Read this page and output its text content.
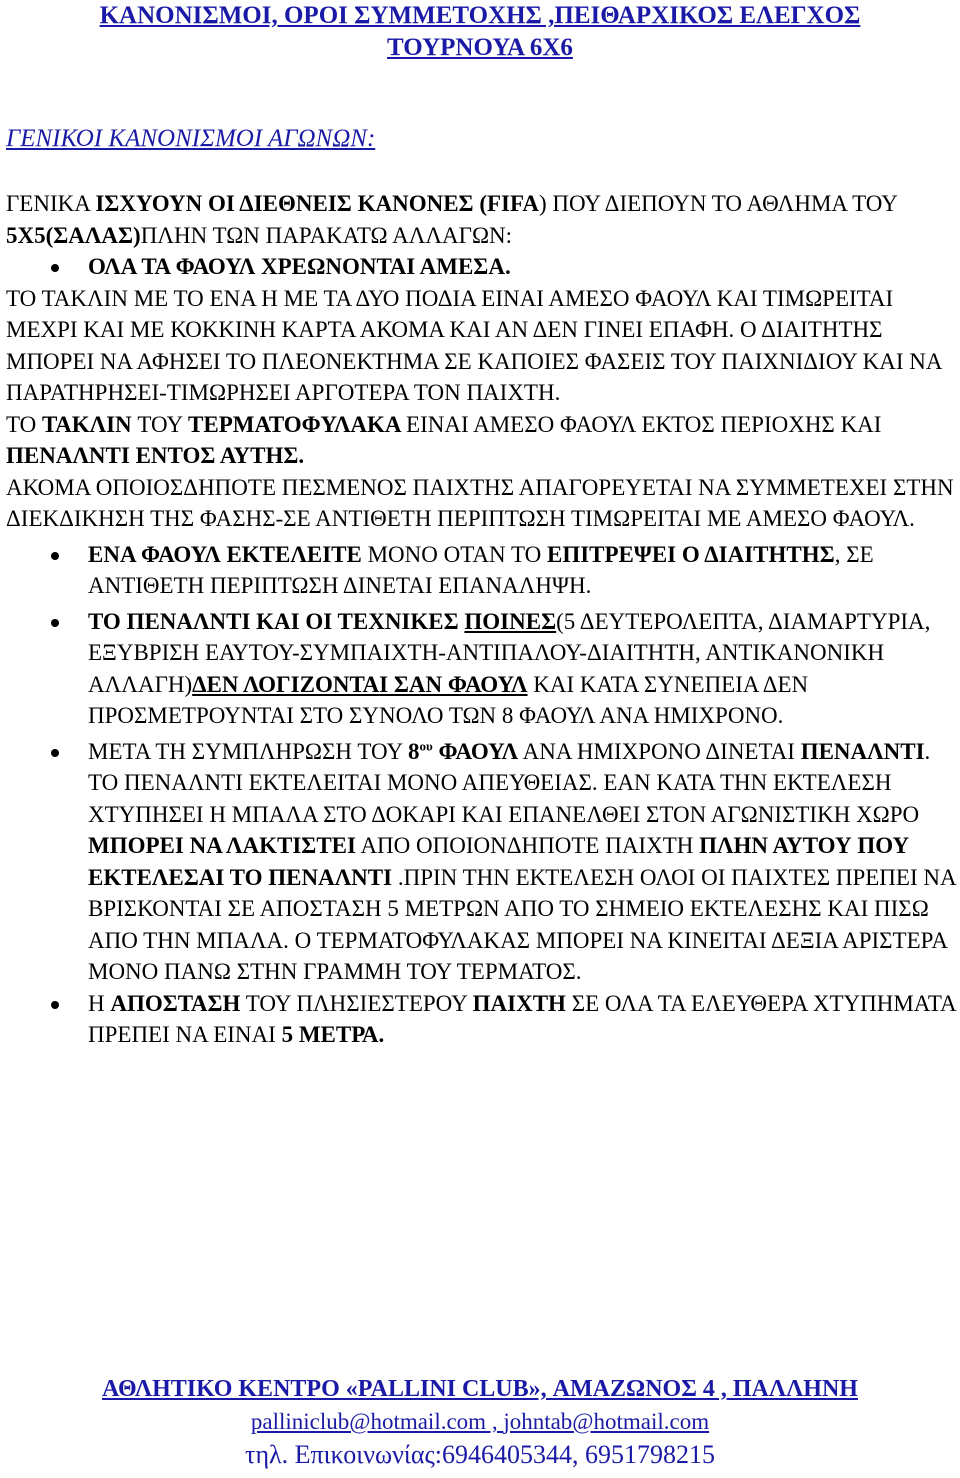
ΚΑΝΟΝΙΣΜΟΙ, ΟΡΟΙ ΣΥΜΜΕΤΟΧΗΣ ,ΠΕΙΘΑΡΧΙΚΟΣ ΕΛΕΓΧΟΣ

ΤΟΥΡΝΟΥΑ 6Χ6

ΓΕΝΙΚΟΙ ΚΑΝΟΝΙΣΜΟΙ ΑΓΩΝΩΝ:

ΓΕΝΙΚΑ ΙΣΧΥΟΥΝ ΟΙ ΔΙΕΘΝΕΙΣ ΚΑΝΟΝΕΣ (FIFA) ΠΟΥ ΔΙΕΠΟΥΝ ΤΟ ΑΘΛΗΜΑ ΤΟΥ 5Χ5(ΣΑΛΑΣ)ΠΛΗΝ ΤΩΝ ΠΑΡΑΚΑΤΩ ΑΛΛΑΓΩΝ:

ΟΛΑ ΤΑ ΦΑΟΥΛ ΧΡΕΩΝΟΝΤΑΙ ΑΜΕΣΑ.

ΤΟ ΤΑΚΛΙΝ ΜΕ ΤΟ ΕΝΑ Η ΜΕ ΤΑ ΔΥΟ ΠΟΔΙΑ ΕΙΝΑΙ ΑΜΕΣΟ ΦΑΟΥΛ ΚΑΙ ΤΙΜΩΡΕΙΤΑΙ ΜΕΧΡΙ ΚΑΙ ΜΕ ΚΟΚΚΙΝΗ ΚΑΡΤΑ ΑΚΟΜΑ ΚΑΙ ΑΝ ΔΕΝ ΓΙΝΕΙ ΕΠΑΦΗ. Ο ΔΙΑΙΤΗΤΗΣ ΜΠΟΡΕΙ ΝΑ ΑΦΗΣΕΙ ΤΟ ΠΛΕΟΝΕΚΤΗΜΑ ΣΕ ΚΑΠΟΙΕΣ ΦΑΣΕΙΣ ΤΟΥ ΠΑΙΧΝΙΔΙΟΥ ΚΑΙ ΝΑ ΠΑΡΑΤΗΡΗΣΕΙ-ΤΙΜΩΡΗΣΕΙ ΑΡΓΟΤΕΡΑ ΤΟΝ ΠΑΙΧΤΗ.

ΤΟ ΤΑΚΛΙΝ ΤΟΥ ΤΕΡΜΑΤΟΦΥΛΑΚΑ ΕΙΝΑΙ ΑΜΕΣΟ ΦΑΟΥΛ ΕΚΤΟΣ ΠΕΡΙΟΧΗΣ ΚΑΙ ΠΕΝΑΛΝΤΙ ΕΝΤΟΣ ΑΥΤΗΣ.

ΑΚΟΜΑ ΟΠΟΙΟΣΔΗΠΟΤΕ ΠΕΣΜΕΝΟΣ ΠΑΙΧΤΗΣ ΑΠΑΓΟΡΕΥΕΤΑΙ ΝΑ ΣΥΜΜΕΤΕΧΕΙ ΣΤΗΝ ΔΙΕΚΔΙΚΗΣΗ ΤΗΣ ΦΑΣΗΣ-ΣΕ ΑΝΤΙΘΕΤΗ ΠΕΡΙΠΤΩΣΗ ΤΙΜΩΡΕΙΤΑΙ ΜΕ ΑΜΕΣΟ ΦΑΟΥΛ.

ΕΝΑ ΦΑΟΥΛ ΕΚΤΕΛΕΙΤΕ ΜΟΝΟ ΟΤΑΝ ΤΟ ΕΠΙΤΡΕΨΕΙ Ο ΔΙΑΙΤΗΤΗΣ, ΣΕ ΑΝΤΙΘΕΤΗ ΠΕΡΙΠΤΩΣΗ ΔΙΝΕΤΑΙ ΕΠΑΝΑΛΗΨΗ.

ΤΟ ΠΕΝΑΛΝΤΙ ΚΑΙ ΟΙ ΤΕΧΝΙΚΕΣ ΠΟΙΝΕΣ(5 ΔΕΥΤΕΡΟΛΕΠΤΑ, ΔΙΑΜΑΡΤΥΡΙΑ, ΕΞΥΒΡΙΣΗ ΕΑΥΤΟΥ-ΣΥΜΠΑΙΧΤΗ-ΑΝΤΙΠΑΛΟΥ-ΔΙΑΙΤΗΤΗ, ΑΝΤΙΚΑΝΟΝΙΚΗ ΑΛΛΑΓΗ)ΔΕΝ ΛΟΓΙΖΟΝΤΑΙ ΣΑΝ ΦΑΟΥΛ ΚΑΙ ΚΑΤΑ ΣΥΝΕΠΕΙΑ ΔΕΝ ΠΡΟΣΜΕΤΡΟΥΝΤΑΙ ΣΤΟ ΣΥΝΟΛΟ ΤΩΝ 8 ΦΑΟΥΛ ΑΝΑ ΗΜΙΧΡΟΝΟ.

ΜΕΤΑ ΤΗ ΣΥΜΠΛΗΡΩΣΗ ΤΟΥ $8^{o\upsilon}$ ΦΑΟΥΛ ΑΝΑ ΗΜΙΧΡΟΝΟ ΔΙΝΕΤΑΙ ΠΕΝΑΛΝΤΙ. ΤΟ ΠΕΝΑΛΝΤΙ ΕΚΤΕΛΕΙΤΑΙ ΜΟΝΟ ΑΠΕΥΘΕΙΑΣ. ΕΑΝ ΚΑΤΑ ΤΗΝ ΕΚΤΕΛΕΣΗ ΧΤΥΠΗΣΕΙ Η ΜΠΑΛΑ ΣΤΟ ΔΟΚΑΡΙ ΚΑΙ ΕΠΑΝΕΛΘΕΙ ΣΤΟΝ ΑΓΩΝΙΣΤΙΚΗ ΧΩΡΟ ΜΠΟΡΕΙ ΝΑ ΛΑΚΤΙΣΤΕΙ ΑΠΟ ΟΠΟΙΟΝΔΗΠΟΤΕ ΠΑΙΧΤΗ ΠΛΗΝ ΑΥΤΟΥ ΠΟΥ ΕΚΤΕΛΕΣΑΙ ΤΟ ΠΕΝΑΛΝΤΙ .ΠΡΙΝ ΤΗΝ ΕΚΤΕΛΕΣΗ ΟΛΟΙ ΟΙ ΠΑΙΧΤΕΣ ΠΡΕΠΕΙ ΝΑ ΒΡΙΣΚΟΝΤΑΙ ΣΕ ΑΠΟΣΤΑΣΗ 5 ΜΕΤΡΩΝ ΑΠΟ ΤΟ ΣΗΜΕΙΟ ΕΚΤΕΛΕΣΗΣ ΚΑΙ ΠΙΣΩ ΑΠΟ ΤΗΝ ΜΠΑΛΑ. Ο ΤΕΡΜΑΤΟΦΥΛΑΚΑΣ ΜΠΟΡΕΙ ΝΑ ΚΙΝΕΙΤΑΙ ΔΕΞΙΑ ΑΡΙΣΤΕΡΑ ΜΟΝΟ ΠΑΝΩ ΣΤΗΝ ΓΡΑΜΜΗ ΤΟΥ ΤΕΡΜΑΤΟΣ.

Η ΑΠΟΣΤΑΣΗ ΤΟΥ ΠΛΗΣΙΕΣΤΕΡΟΥ ΠΑΙΧΤΗ ΣΕ ΟΛΑ ΤΑ ΕΛΕΥΘΕΡΑ ΧΤΥΠΗΜΑΤΑ ΠΡΕΠΕΙ ΝΑ ΕΙΝΑΙ 5 ΜΕΤΡΑ.

ΑΘΛΗΤΙΚΟ ΚΕΝΤΡΟ «PALLINI CLUB», ΑΜΑΖΩΝΟΣ 4 , ΠΑΛΛΗΝΗ

palliniclub@hotmail.com , johntab@hotmail.com

τηλ. Επικοινωνίας:6946405344, 6951798215
